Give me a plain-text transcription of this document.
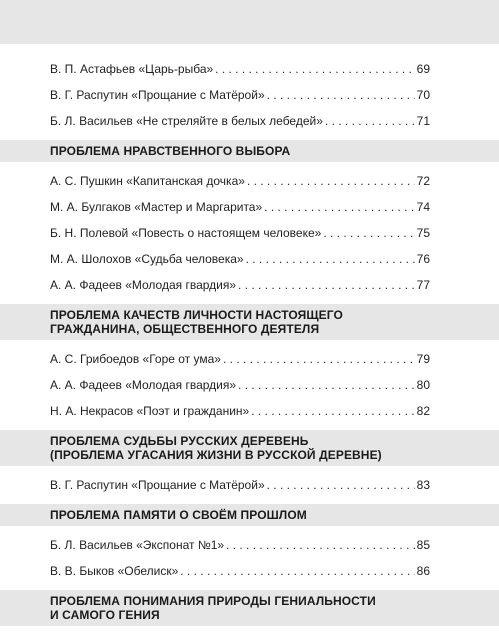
В. П. Астафьев «Царь-рыба» . . .	69
В. Г. Распутин «Прощание с Матёрой» . . .	70
Б. Л. Васильев «Не стреляйте в белых лебедей» . . .	71
ПРОБЛЕМА НРАВСТВЕННОГО ВЫБОРА
А. С. Пушкин «Капитанская дочка» . . .	72
М. А. Булгаков «Мастер и Маргарита» . . .	74
Б. Н. Полевой «Повесть о настоящем человеке» . . .	75
М. А. Шолохов «Судьба человека» . . .	76
А. А. Фадеев «Молодая гвардия» . . .	77
ПРОБЛЕМА КАЧЕСТВ ЛИЧНОСТИ НАСТОЯЩЕГО
ГРАЖДАНИНА, ОБЩЕСТВЕННОГО ДЕЯТЕЛЯ
А. С. Грибоедов «Горе от ума» . . .	79
А. А. Фадеев «Молодая гвардия» . . .	80
Н. А. Некрасов «Поэт и гражданин» . . .	82
ПРОБЛЕМА СУДЬБЫ РУССКИХ ДЕРЕВЕНЬ
(ПРОБЛЕМА УГАСАНИЯ ЖИЗНИ В РУССКОЙ ДЕРЕВНЕ)
В. Г. Распутин «Прощание с Матёрой» . . .	83
ПРОБЛЕМА ПАМЯТИ О СВОЁМ ПРОШЛОМ
Б. Л. Васильев «Экспонат №1» . . .	85
В. В. Быков «Обелиск» . . .	86
ПРОБЛЕМА ПОНИМАНИЯ ПРИРОДЫ ГЕНИАЛЬНОСТИ
И САМОГО ГЕНИЯ
